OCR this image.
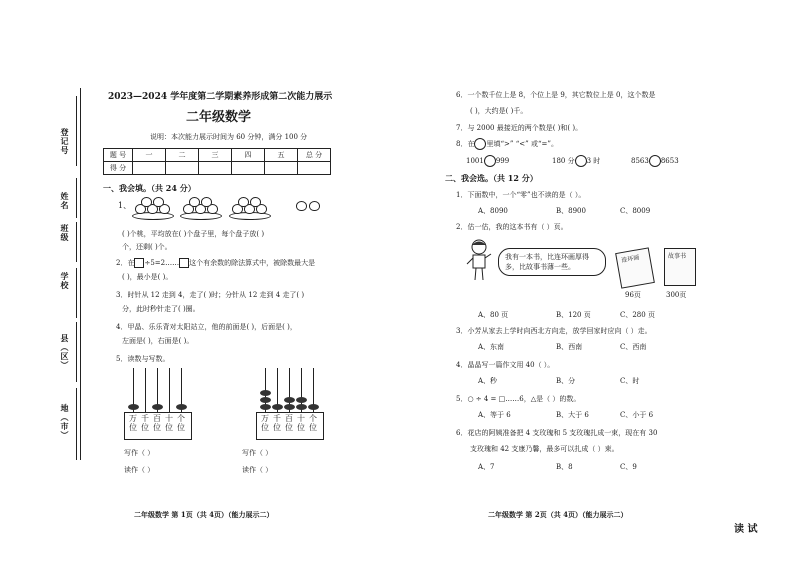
登记号
姓名
班级
学校
县（区）
地（市）
2023—2024 学年度第二学期素养形成第二次能力展示
二年级数学
说明：本次能力展示时间为 60 分钟，满分 100 分
题 号	一	二	三	四	五	总 分
得 分						
一、我会填。（共 24 分）
1、
( )个桃，平均放在( )个盘子里，每个盘子放( )
个，还剩( )个。
2．在 ÷5=2…… 这个有余数的除法算式中，被除数最大是
( )，最小是( )。
3．时针从 12 走到 4，走了( )时；分针从 12 走到 4 走了( )
分，此时秒针走了( )圈。
4．甲晶、乐乐背对太阳站立，他的前面是( )，后面是( )，
左面是( )，右面是( )。
5．读数与写数。
万位
千位
百位
十位
个位
万位
千位
百位
十位
个位
写作（ ）
读作（ ）
写作（ ）
读作（ ）
二年级数学 第 1页（共 4页）（能力展示二）
6．一个数千位上是 8，个位上是 9，其它数位上是 0，这个数是
( )，大约是( )千。
7．与 2000 最接近的两个数是( )和( )。
8．在 里填“>” “<” 或“=”。
1001 999	180 分 3 时	8563 8653
二、我会选。（共 12 分）
1．下面数中，一个“零”也不读的是（ ）。
A、8090	B、8900	C、8009
2．估一估，我的这本书有（ ）页。
我有一本书，比连环画厚得多，比故事书薄一些。
连环画	故事书
96页	300页
A、80 页	B、120 页	C、280 页
3．小芳从家去上学时向西北方向走，放学回家时应向（ ）走。
A、东南	B、西南	C、西南
4．晶晶写一篇作文用 40（ ）。
A、秒	B、分	C、时
5．○ ÷ 4 = □……6，△是（ ）的数。
A、等于 6	B、大于 6	C、小于 6
6．花店的阿姨准备把 4 支玫瑰和 5 支玫瑰扎成一束，现在有 30
支玫瑰和 42 支康乃馨，最多可以扎成（ ）束。
A、7	B、8	C、9
二年级数学 第 2页（共 4页）（能力展示二）
读 试
